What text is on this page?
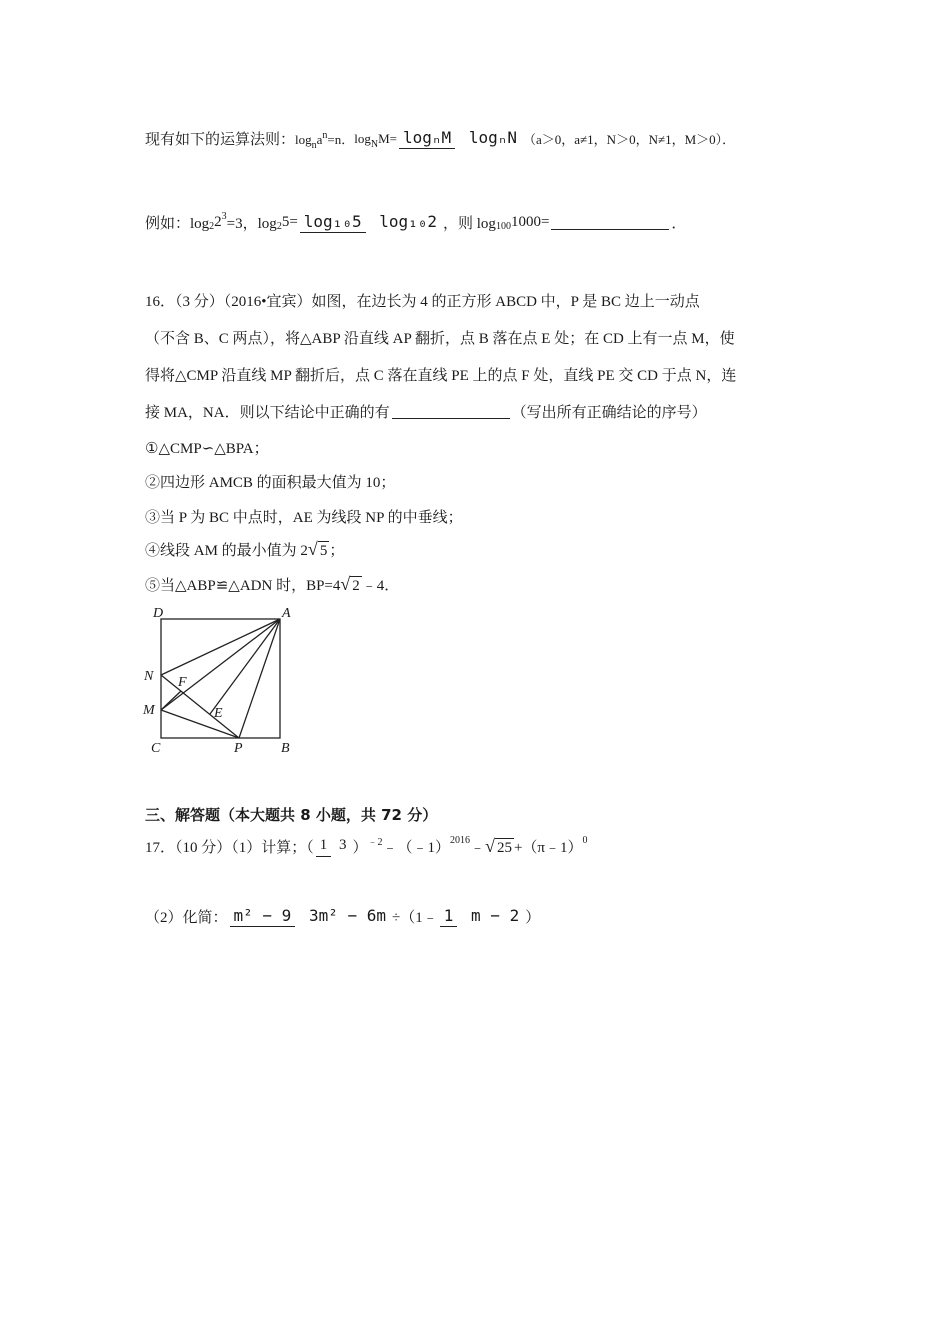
现有如下的运算法则： lognan=n． logNM= logₙM logₙN （a＞0，a≠1，N＞0，N≠1，M＞0）．
例如：log 2 2 3 =3，log 2 5= log₁₀5 log₁₀2 ，则 log 100 1000=	．
16．（3 分）（2016•宜宾）如图，在边长为 4 的正方形 ABCD 中，P 是 BC 边上一动点
（不含 B、C 两点），将△ABP 沿直线 AP 翻折，点 B 落在点 E 处；在 CD 上有一点 M，使
得将△CMP 沿直线 MP 翻折后，点 C 落在直线 PE 上的点 F 处，直线 PE 交 CD 于点 N，连
接 MA，NA．则以下结论中正确的有	（写出所有正确结论的序号）
①△CMP∽△BPA；
②四边形 AMCB 的面积最大值为 10；
③当 P 为 BC 中点时，AE 为线段 NP 的中垂线；
④线段 AM 的最小值为 2 √ 5 ；
⑤当△ABP≌△ADN 时，BP=4 √ 2 ﹣4．
D	A
N F
M	E
C	P	B
三、解答题（本大题共 8 小题，共 72 分）
17．（10 分）（1）计算；（ 1 3 ） ﹣2 ﹣（﹣1） 2016 ﹣ √ 25 +（π﹣1） 0
（2）化简： m² − 9 3m² − 6m ÷（1﹣ 1 m − 2 ）
